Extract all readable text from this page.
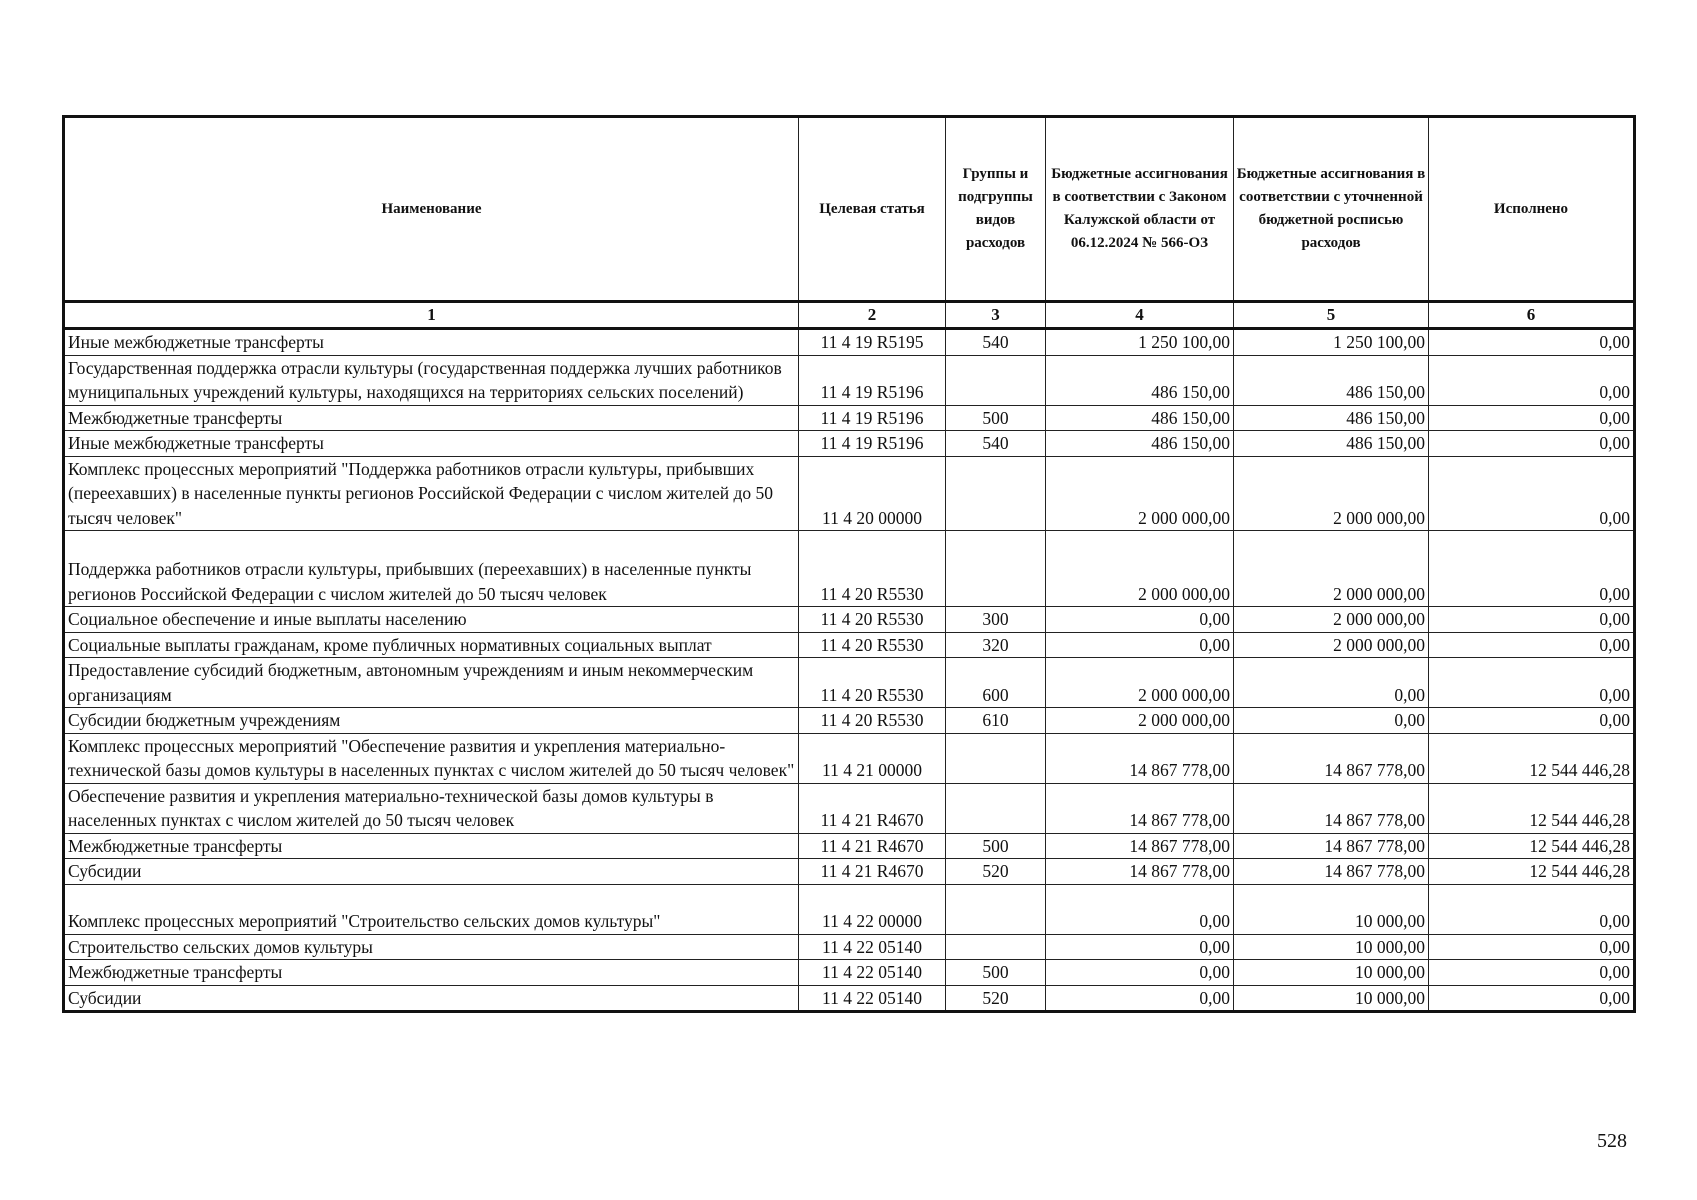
Наименование	Целевая статья	Группы и подгруппы видов расходов	Бюджетные ассигнования в соответствии с Законом Калужской области от 06.12.2024 № 566-ОЗ	Бюджетные ассигнования в соответствии с уточненной бюджетной росписью расходов	Исполнено
1	2	3	4	5	6
Иные межбюджетные трансферты	11 4 19 R5195	540	1 250 100,00	1 250 100,00	0,00
Государственная поддержка отрасли культуры (государственная поддержка лучших работников муниципальных учреждений культуры, находящихся на территориях сельских поселений)	11 4 19 R5196		486 150,00	486 150,00	0,00
Межбюджетные трансферты	11 4 19 R5196	500	486 150,00	486 150,00	0,00
Иные межбюджетные трансферты	11 4 19 R5196	540	486 150,00	486 150,00	0,00
Комплекс процессных мероприятий "Поддержка работников отрасли культуры, прибывших (переехавших) в населенные пункты регионов Российской Федерации с числом жителей до 50 тысяч человек"	11 4 20 00000		2 000 000,00	2 000 000,00	0,00
Поддержка работников отрасли культуры, прибывших (переехавших) в населенные пункты регионов Российской Федерации с числом жителей до 50 тысяч человек	11 4 20 R5530		2 000 000,00	2 000 000,00	0,00
Социальное обеспечение и иные выплаты населению	11 4 20 R5530	300	0,00	2 000 000,00	0,00
Социальные выплаты гражданам, кроме публичных нормативных социальных выплат	11 4 20 R5530	320	0,00	2 000 000,00	0,00
Предоставление субсидий бюджетным, автономным учреждениям и иным некоммерческим организациям	11 4 20 R5530	600	2 000 000,00	0,00	0,00
Субсидии бюджетным учреждениям	11 4 20 R5530	610	2 000 000,00	0,00	0,00
Комплекс процессных мероприятий "Обеспечение развития и укрепления материально-технической базы домов культуры в населенных пунктах с числом жителей до 50 тысяч человек"	11 4 21 00000		14 867 778,00	14 867 778,00	12 544 446,28
Обеспечение развития и укрепления материально-технической базы домов культуры в населенных пунктах с числом жителей до 50 тысяч человек	11 4 21 R4670		14 867 778,00	14 867 778,00	12 544 446,28
Межбюджетные трансферты	11 4 21 R4670	500	14 867 778,00	14 867 778,00	12 544 446,28
Субсидии	11 4 21 R4670	520	14 867 778,00	14 867 778,00	12 544 446,28
Комплекс процессных мероприятий "Строительство сельских домов культуры"	11 4 22 00000		0,00	10 000,00	0,00
Строительство сельских домов культуры	11 4 22 05140		0,00	10 000,00	0,00
Межбюджетные трансферты	11 4 22 05140	500	0,00	10 000,00	0,00
Субсидии	11 4 22 05140	520	0,00	10 000,00	0,00
528
